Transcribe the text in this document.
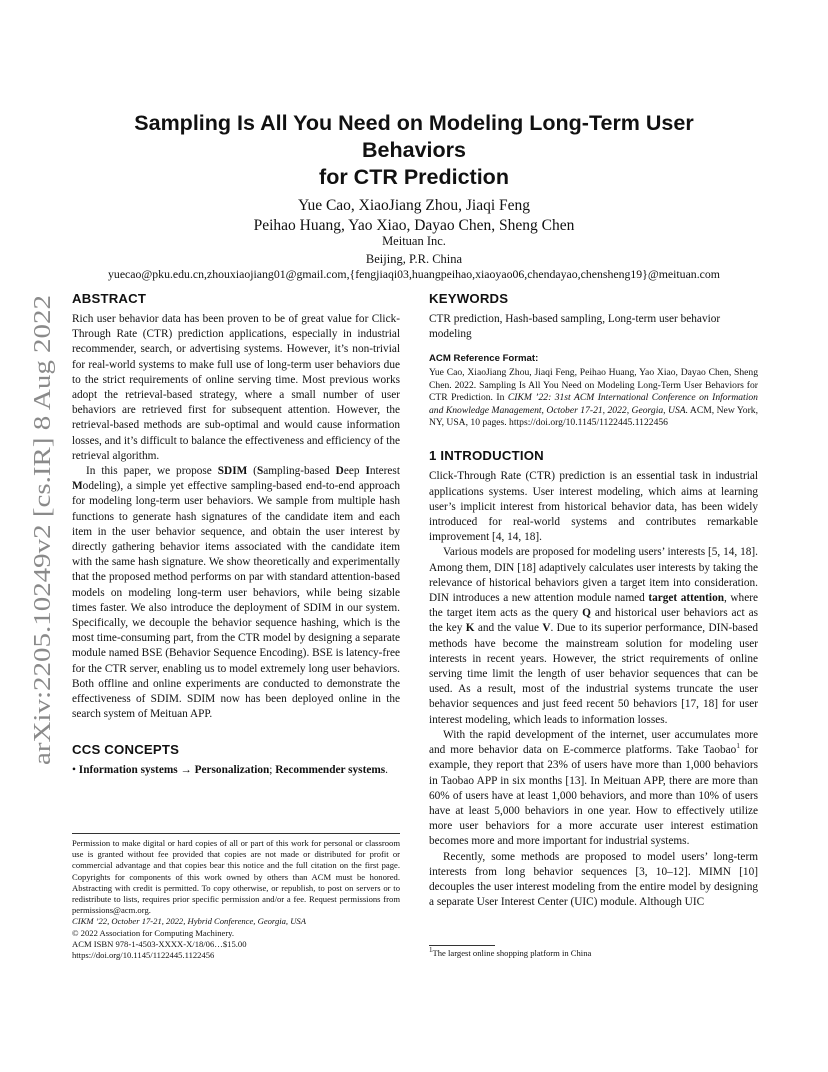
arXiv:2205.10249v2 [cs.IR] 8 Aug 2022
Sampling Is All You Need on Modeling Long-Term User
Behaviors
for CTR Prediction
Yue Cao, XiaoJiang Zhou, Jiaqi Feng
Peihao Huang, Yao Xiao, Dayao Chen, Sheng Chen
Meituan Inc.
Beijing, P.R. China
yuecao@pku.edu.cn,zhouxiaojiang01@gmail.com,{fengjiaqi03,huangpeihao,xiaoyao06,chendayao,chensheng19}@meituan.com
ABSTRACT

Rich user behavior data has been proven to be of great value for Click-Through Rate (CTR) prediction applications, especially in industrial recommender, search, or advertising systems. However, it’s non-trivial for real-world systems to make full use of long-term user behaviors due to the strict requirements of online serving time. Most previous works adopt the retrieval-based strategy, where a small number of user behaviors are retrieved first for subsequent attention. However, the retrieval-based methods are sub-optimal and would cause information losses, and it’s difficult to balance the effectiveness and efficiency of the retrieval algorithm.

In this paper, we propose SDIM (Sampling-based Deep Interest Modeling), a simple yet effective sampling-based end-to-end approach for modeling long-term user behaviors. We sample from multiple hash functions to generate hash signatures of the candidate item and each item in the user behavior sequence, and obtain the user interest by directly gathering behavior items associated with the candidate item with the same hash signature. We show theoretically and experimentally that the proposed method performs on par with standard attention-based models on modeling long-term user behaviors, while being sizable times faster. We also introduce the deployment of SDIM in our system. Specifically, we decouple the behavior sequence hashing, which is the most time-consuming part, from the CTR model by designing a separate module named BSE (Behavior Sequence Encoding). BSE is latency-free for the CTR server, enabling us to model extremely long user behaviors. Both offline and online experiments are conducted to demonstrate the effectiveness of SDIM. SDIM now has been deployed online in the search system of Meituan APP.

CCS CONCEPTS

• Information systems → Personalization; Recommender systems.

Permission to make digital or hard copies of all or part of this work for personal or classroom use is granted without fee provided that copies are not made or distributed for profit or commercial advantage and that copies bear this notice and the full citation on the first page. Copyrights for components of this work owned by others than ACM must be honored. Abstracting with credit is permitted. To copy otherwise, or republish, to post on servers or to redistribute to lists, requires prior specific permission and/or a fee. Request permissions from permissions@acm.org.
CIKM ’22, October 17-21, 2022, Hybrid Conference, Georgia, USA
© 2022 Association for Computing Machinery.
ACM ISBN 978-1-4503-XXXX-X/18/06…$15.00
https://doi.org/10.1145/1122445.1122456
KEYWORDS

CTR prediction, Hash-based sampling, Long-term user behavior modeling

ACM Reference Format:

Yue Cao, XiaoJiang Zhou, Jiaqi Feng, Peihao Huang, Yao Xiao, Dayao Chen, Sheng Chen. 2022. Sampling Is All You Need on Modeling Long-Term User Behaviors for CTR Prediction. In CIKM ’22: 31st ACM International Conference on Information and Knowledge Management, October 17-21, 2022, Georgia, USA. ACM, New York, NY, USA, 10 pages. https://doi.org/10.1145/1122445.1122456

1 INTRODUCTION

Click-Through Rate (CTR) prediction is an essential task in industrial applications systems. User interest modeling, which aims at learning user’s implicit interest from historical behavior data, has been widely introduced for real-world systems and contributes remarkable improvement [4, 14, 18].

Various models are proposed for modeling users’ interests [5, 14, 18]. Among them, DIN [18] adaptively calculates user interests by taking the relevance of historical behaviors given a target item into consideration. DIN introduces a new attention module named target attention, where the target item acts as the query Q and historical user behaviors act as the key K and the value V. Due to its superior performance, DIN-based methods have become the mainstream solution for modeling user interests in recent years. However, the strict requirements of online serving time limit the length of user behavior sequences that can be used. As a result, most of the industrial systems truncate the user behavior sequences and just feed recent 50 behaviors [17, 18] for user interest modeling, which leads to information losses.

With the rapid development of the internet, user accumulates more and more behavior data on E-commerce platforms. Take Taobao$^1$ for example, they report that 23% of users have more than 1,000 behaviors in Taobao APP in six months [13]. In Meituan APP, there are more than 60% of users have at least 1,000 behaviors, and more than 10% of users have at least 5,000 behaviors in one year. How to effectively utilize more user behaviors for a more accurate user interest estimation becomes more and more important for industrial systems.

Recently, some methods are proposed to model users’ long-term interests from long behavior sequences [3, 10–12]. MIMN [10] decouples the user interest modeling from the entire model by designing a separate User Interest Center (UIC) module. Although UIC

$^1$The largest online shopping platform in China
